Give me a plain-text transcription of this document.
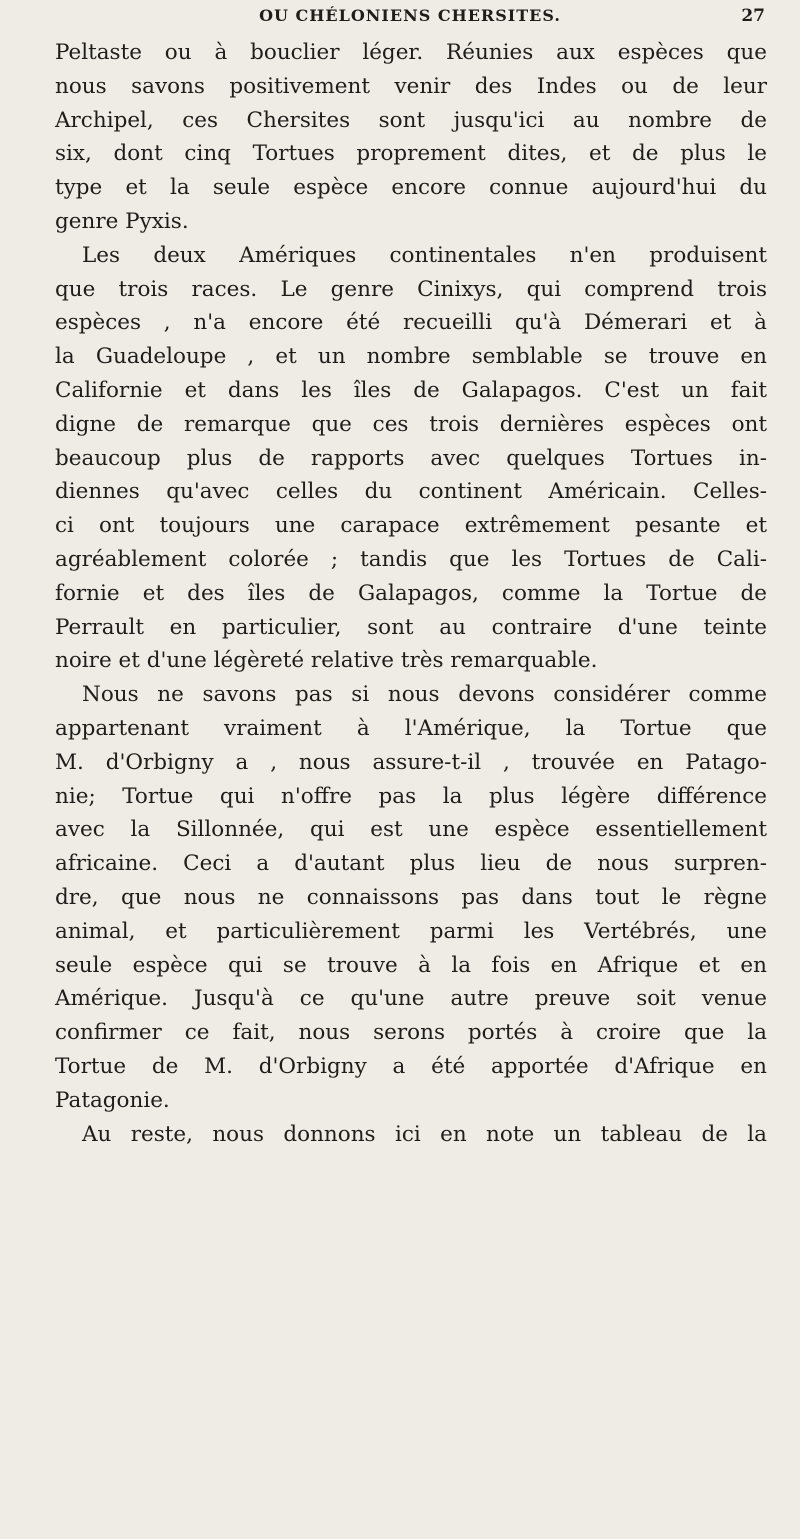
OU CHÉLONIENS CHERSITES.	27
Peltaste ou à bouclier léger. Réunies aux espèces que
nous savons positivement venir des Indes ou de leur
Archipel, ces Chersites sont jusqu'ici au nombre de
six, dont cinq Tortues proprement dites, et de plus le
type et la seule espèce encore connue aujourd'hui du
genre Pyxis.
Les deux Amériques continentales n'en produisent
que trois races. Le genre Cinixys, qui comprend trois
espèces , n'a encore été recueilli qu'à Démerari et à
la Guadeloupe , et un nombre semblable se trouve en
Californie et dans les îles de Galapagos. C'est un fait
digne de remarque que ces trois dernières espèces ont
beaucoup plus de rapports avec quelques Tortues in-
diennes qu'avec celles du continent Américain. Celles-
ci ont toujours une carapace extrêmement pesante et
agréablement colorée ; tandis que les Tortues de Cali-
fornie et des îles de Galapagos, comme la Tortue de
Perrault en particulier, sont au contraire d'une teinte
noire et d'une légèreté relative très remarquable.
Nous ne savons pas si nous devons considérer comme
appartenant vraiment à l'Amérique, la Tortue que
M. d'Orbigny a , nous assure-t-il , trouvée en Patago-
nie; Tortue qui n'offre pas la plus légère différence
avec la Sillonnée, qui est une espèce essentiellement
africaine. Ceci a d'autant plus lieu de nous surpren-
dre, que nous ne connaissons pas dans tout le règne
animal, et particulièrement parmi les Vertébrés, une
seule espèce qui se trouve à la fois en Afrique et en
Amérique. Jusqu'à ce qu'une autre preuve soit venue
confirmer ce fait, nous serons portés à croire que la
Tortue de M. d'Orbigny a été apportée d'Afrique en
Patagonie.
Au reste, nous donnons ici en note un tableau de la
